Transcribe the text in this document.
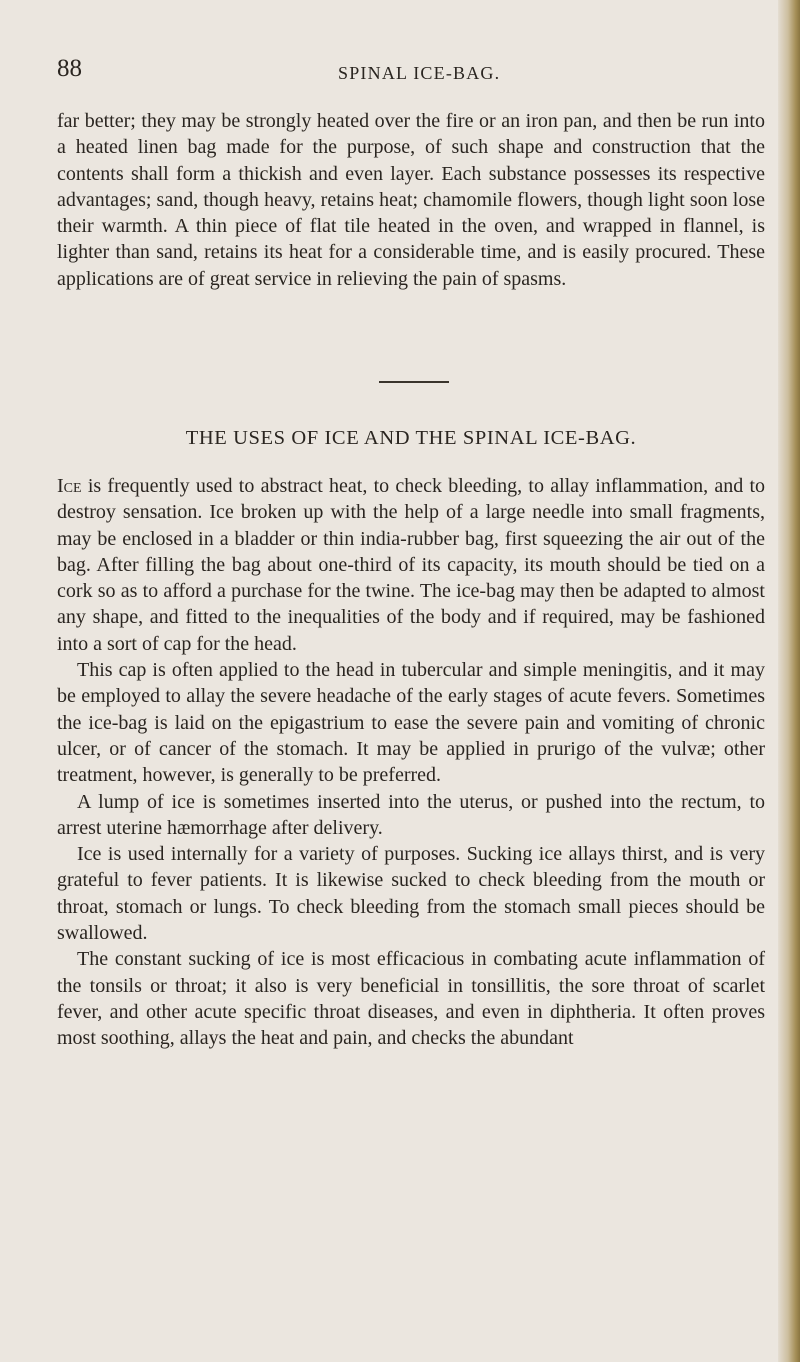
88	SPINAL ICE-BAG.

far better; they may be strongly heated over the fire or an iron pan, and then be run into a heated linen bag made for the purpose, of such shape and construction that the contents shall form a thickish and even layer. Each substance possesses its respective advantages; sand, though heavy, retains heat; chamomile flowers, though light soon lose their warmth. A thin piece of flat tile heated in the oven, and wrapped in flannel, is lighter than sand, retains its heat for a considerable time, and is easily procured. These applications are of great service in relieving the pain of spasms.

THE USES OF ICE AND THE SPINAL ICE-BAG.

Ice is frequently used to abstract heat, to check bleeding, to allay inflammation, and to destroy sensation. Ice broken up with the help of a large needle into small fragments, may be enclosed in a bladder or thin india-rubber bag, first squeezing the air out of the bag. After filling the bag about one-third of its capacity, its mouth should be tied on a cork so as to afford a purchase for the twine. The ice-bag may then be adapted to almost any shape, and fitted to the inequalities of the body and if required, may be fashioned into a sort of cap for the head.

This cap is often applied to the head in tubercular and simple meningitis, and it may be employed to allay the severe headache of the early stages of acute fevers. Sometimes the ice-bag is laid on the epigastrium to ease the severe pain and vomiting of chronic ulcer, or of cancer of the stomach. It may be applied in prurigo of the vulvæ; other treatment, however, is generally to be preferred.

A lump of ice is sometimes inserted into the uterus, or pushed into the rectum, to arrest uterine hæmorrhage after delivery.

Ice is used internally for a variety of purposes. Sucking ice allays thirst, and is very grateful to fever patients. It is likewise sucked to check bleeding from the mouth or throat, stomach or lungs. To check bleeding from the stomach small pieces should be swallowed.

The constant sucking of ice is most efficacious in combating acute inflammation of the tonsils or throat; it also is very beneficial in tonsillitis, the sore throat of scarlet fever, and other acute specific throat diseases, and even in diphtheria. It often proves most soothing, allays the heat and pain, and checks the abundant
